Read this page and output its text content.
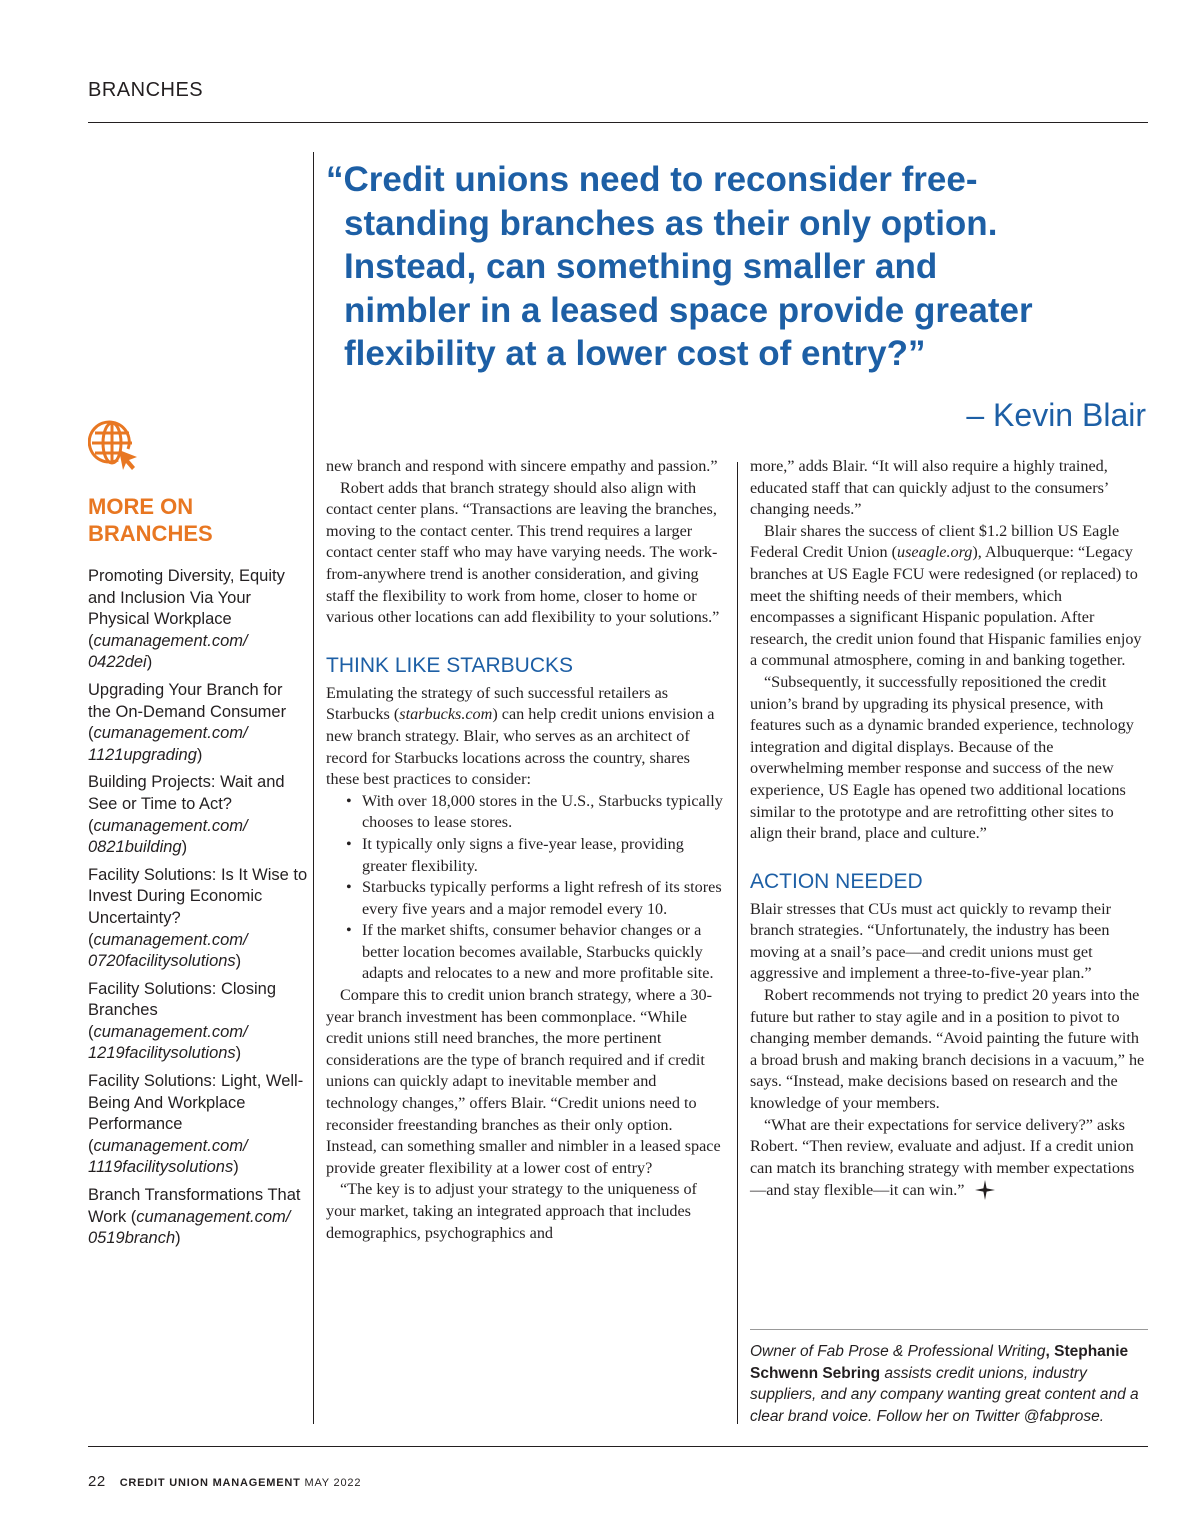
BRANCHES
“Credit unions need to reconsider free-
standing branches as their only option.
Instead, can something smaller and
nimbler in a leased space provide greater
flexibility at a lower cost of entry?”
– Kevin Blair
MORE ON
BRANCHES
Promoting Diversity, Equity and Inclusion Via Your Physical Workplace (cumanagement.com/ 0422dei)
Upgrading Your Branch for the On-Demand Consumer (cumanagement.com/ 1121upgrading)
Building Projects: Wait and See or Time to Act? (cumanagement.com/ 0821building)
Facility Solutions: Is It Wise to Invest During Economic Uncertainty? (cumanagement.com/ 0720facilitysolutions)
Facility Solutions: Closing Branches (cumanagement.com/ 1219facilitysolutions)
Facility Solutions: Light, Well-Being And Workplace Performance (cumanagement.com/ 1119facilitysolutions)
Branch Transformations That Work (cumanagement.com/ 0519branch)

new branch and respond with sincere empathy and passion.”

Robert adds that branch strategy should also align with contact center plans. “Transactions are leaving the branches, moving to the contact center. This trend requires a larger contact center staff who may have varying needs. The work-from-anywhere trend is another consideration, and giving staff the flexibility to work from home, closer to home or various other locations can add flexibility to your solutions.”

THINK LIKE STARBUCKS

Emulating the strategy of such successful retailers as Starbucks (starbucks.com) can help credit unions envision a new branch strategy. Blair, who serves as an architect of record for Starbucks locations across the country, shares these best practices to consider:

• With over 18,000 stores in the U.S., Starbucks typically chooses to lease stores.
• It typically only signs a five-year lease, providing greater flexibility.
• Starbucks typically performs a light refresh of its stores every five years and a major remodel every 10.
• If the market shifts, consumer behavior changes or a better location becomes available, Starbucks quickly adapts and relocates to a new and more profitable site.

Compare this to credit union branch strategy, where a 30-year branch investment has been commonplace. “While credit unions still need branches, the more pertinent considerations are the type of branch required and if credit unions can quickly adapt to inevitable member and technology changes,” offers Blair. “Credit unions need to reconsider freestanding branches as their only option. Instead, can something smaller and nimbler in a leased space provide greater flexibility at a lower cost of entry?

“The key is to adjust your strategy to the uniqueness of your market, taking an integrated approach that includes demographics, psychographics and

more,” adds Blair. “It will also require a highly trained, educated staff that can quickly adjust to the consumers’ changing needs.”

Blair shares the success of client $1.2 billion US Eagle Federal Credit Union (useagle.org), Albuquerque: “Legacy branches at US Eagle FCU were redesigned (or replaced) to meet the shifting needs of their members, which encompasses a significant Hispanic population. After research, the credit union found that Hispanic families enjoy a communal atmosphere, coming in and banking together.

“Subsequently, it successfully repositioned the credit union’s brand by upgrading its physical presence, with features such as a dynamic branded experience, technology integration and digital displays. Because of the overwhelming member response and success of the new experience, US Eagle has opened two additional locations similar to the prototype and are retrofitting other sites to align their brand, place and culture.”

ACTION NEEDED

Blair stresses that CUs must act quickly to revamp their branch strategies. “Unfortunately, the industry has been moving at a snail’s pace—and credit unions must get aggressive and implement a three-to-five-year plan.”

Robert recommends not trying to predict 20 years into the future but rather to stay agile and in a position to pivot to changing member demands. “Avoid painting the future with a broad brush and making branch decisions in a vacuum,” he says. “Instead, make decisions based on research and the knowledge of your members.

“What are their expectations for service delivery?” asks Robert. “Then review, evaluate and adjust. If a credit union can match its branching strategy with member expectations—and stay flexible—it can win.”

Owner of Fab Prose & Professional Writing, Stephanie Schwenn Sebring assists credit unions, industry suppliers, and any company wanting great content and a clear brand voice. Follow her on Twitter @fabprose.
22 CREDIT UNION MANAGEMENT MAY 2022
